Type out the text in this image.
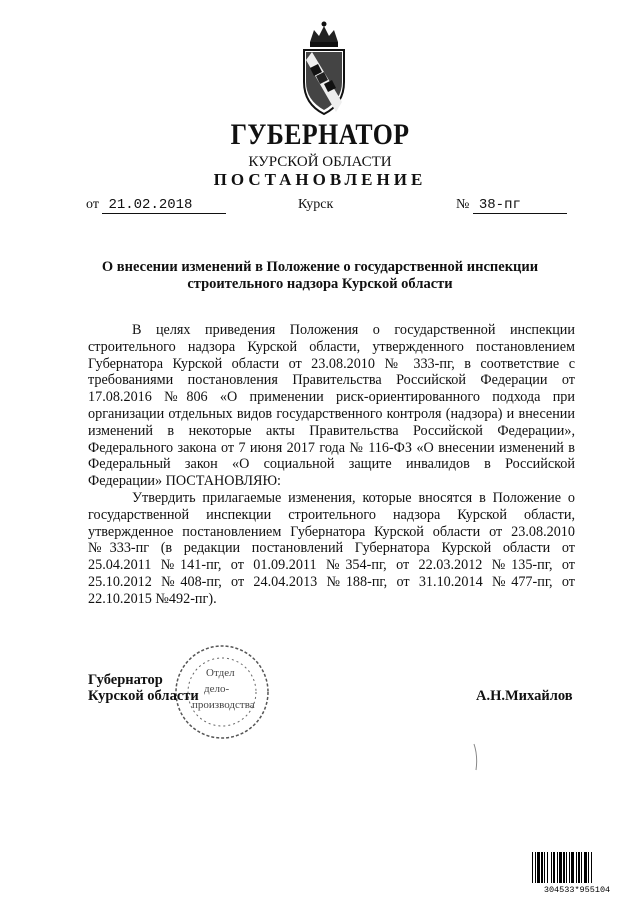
ГУБЕРНАТОР
КУРСКОЙ ОБЛАСТИ
ПОСТАНОВЛЕНИЕ
от 21.02.2018	Курск	№ 38-пг
О внесении изменений в Положение о государственной инспекции
строительного надзора Курской области

В целях приведения Положения о государственной инспекции строительного надзора Курской области, утвержденного постановлением Губернатора Курской области от 23.08.2010 № 333-пг, в соответствие с требованиями постановления Правительства Российской Федерации от 17.08.2016 №806 «О применении риск-ориентированного подхода при организации отдельных видов государственного контроля (надзора) и внесении изменений в некоторые акты Правительства Российской Федерации», Федерального закона от 7 июня 2017 года № 116-ФЗ «О внесении изменений в Федеральный закон «О социальной защите инвалидов в Российской Федерации» ПОСТАНОВЛЯЮ:

Утвердить прилагаемые изменения, которые вносятся в Положение о государственной инспекции строительного надзора Курской области, утвержденное постановлением Губернатора Курской области от 23.08.2010 №333-пг (в редакции постановлений Губернатора Курской области от 25.04.2011 №141-пг, от 01.09.2011 №354-пг, от 22.03.2012 №135-пг, от 25.10.2012 №408-пг, от 24.04.2013 №188-пг, от 31.10.2014 №477-пг, от 22.10.2015 №492-пг).

Отдел
дело-
производства
Губернатор
Курской области	А.Н.Михайлов
304533*955104
